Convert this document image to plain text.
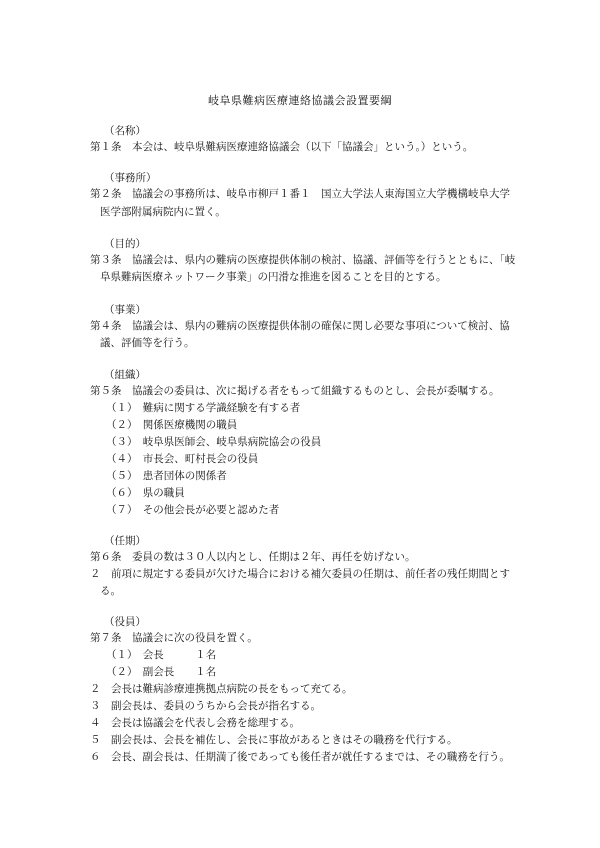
岐阜県難病医療連絡協議会設置要綱
（名称）
第１条　本会は、岐阜県難病医療連絡協議会（以下「協議会」という。）という。
（事務所）
第２条　協議会の事務所は、岐阜市柳戸１番１　国立大学法人東海国立大学機構岐阜大学
医学部附属病院内に置く。
（目的）
第３条　協議会は、県内の難病の医療提供体制の検討、協議、評価等を行うとともに、「岐
阜県難病医療ネットワーク事業」の円滑な推進を図ることを目的とする。
（事業）
第４条　協議会は、県内の難病の医療提供体制の確保に関し必要な事項について検討、協
議、評価等を行う。
（組織）
第５条　協議会の委員は、次に掲げる者をもって組織するものとし、会長が委嘱する。
（１）　難病に関する学識経験を有する者
（２）　関係医療機関の職員
（３）　岐阜県医師会、岐阜県病院協会の役員
（４）　市長会、町村長会の役員
（５）　患者団体の関係者
（６）　県の職員
（７）　その他会長が必要と認めた者
（任期）
第６条　委員の数は３０人以内とし、任期は２年、再任を妨げない。
２　前項に規定する委員が欠けた場合における補欠委員の任期は、前任者の残任期間とす
る。
（役員）
第７条　協議会に次の役員を置く。
（１）　会長　　　１名
（２）　副会長　　１名
２　会長は難病診療連携拠点病院の長をもって充てる。
３　副会長は、委員のうちから会長が指名する。
４　会長は協議会を代表し会務を総理する。
５　副会長は、会長を補佐し、会長に事故があるときはその職務を代行する。
６　会長、副会長は、任期満了後であっても後任者が就任するまでは、その職務を行う。
